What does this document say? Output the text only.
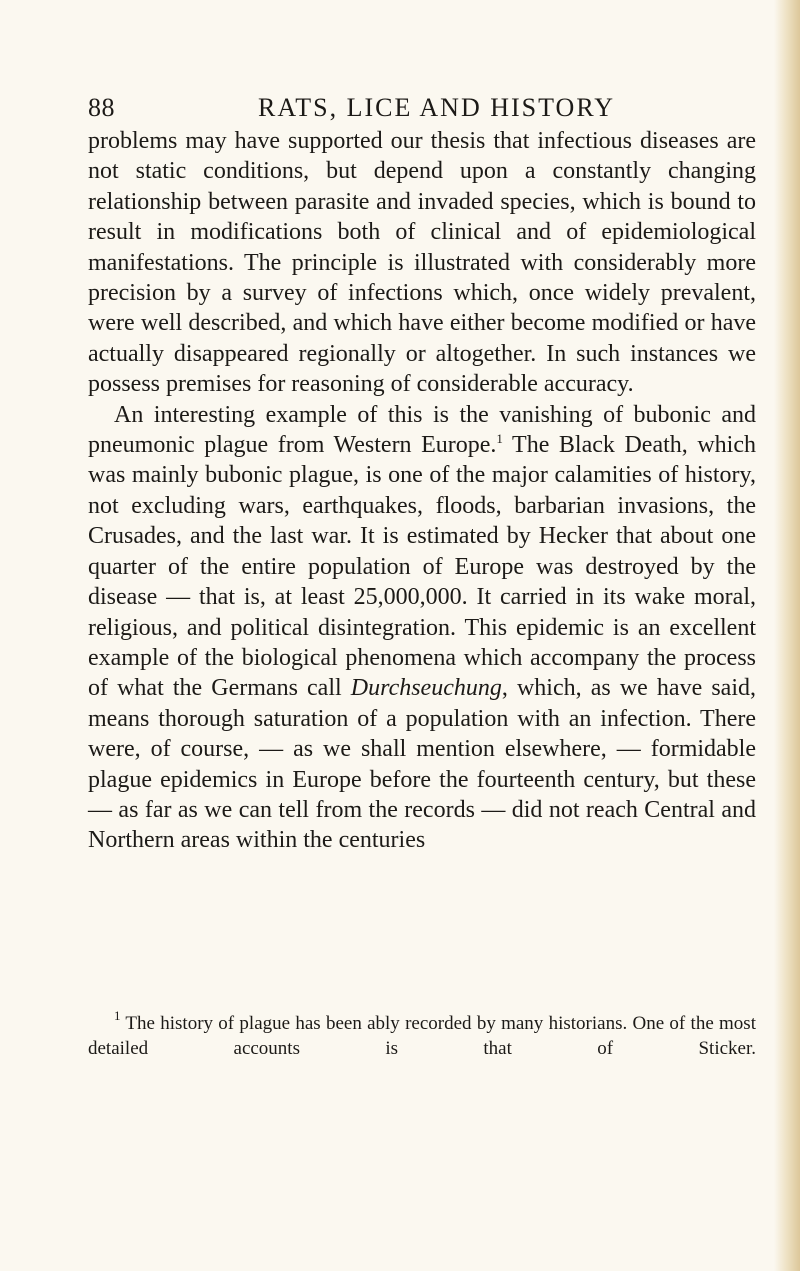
88	RATS, LICE AND HISTORY

problems may have supported our thesis that infectious diseases are not static conditions, but depend upon a constantly changing relationship between parasite and invaded species, which is bound to result in modifications both of clinical and of epidemiological manifestations. The principle is illustrated with considerably more precision by a survey of infections which, once widely prevalent, were well described, and which have either become modified or have actually disappeared regionally or altogether. In such instances we possess premises for reasoning of considerable accuracy.

An interesting example of this is the vanishing of bubonic and pneumonic plague from Western Europe.$^1$ The Black Death, which was mainly bubonic plague, is one of the major calamities of history, not excluding wars, earthquakes, floods, barbarian invasions, the Crusades, and the last war. It is estimated by Hecker that about one quarter of the entire population of Europe was destroyed by the disease — that is, at least 25,000,000. It carried in its wake moral, religious, and political disintegration. This epidemic is an excellent example of the biological phenomena which accompany the process of what the Germans call Durchseuchung, which, as we have said, means thorough saturation of a population with an infection. There were, of course, — as we shall mention elsewhere, — formidable plague epidemics in Europe before the fourteenth century, but these — as far as we can tell from the records — did not reach Central and Northern areas within the centuries

$^1$ The history of plague has been ably recorded by many historians. One of the most detailed accounts is that of Sticker.
